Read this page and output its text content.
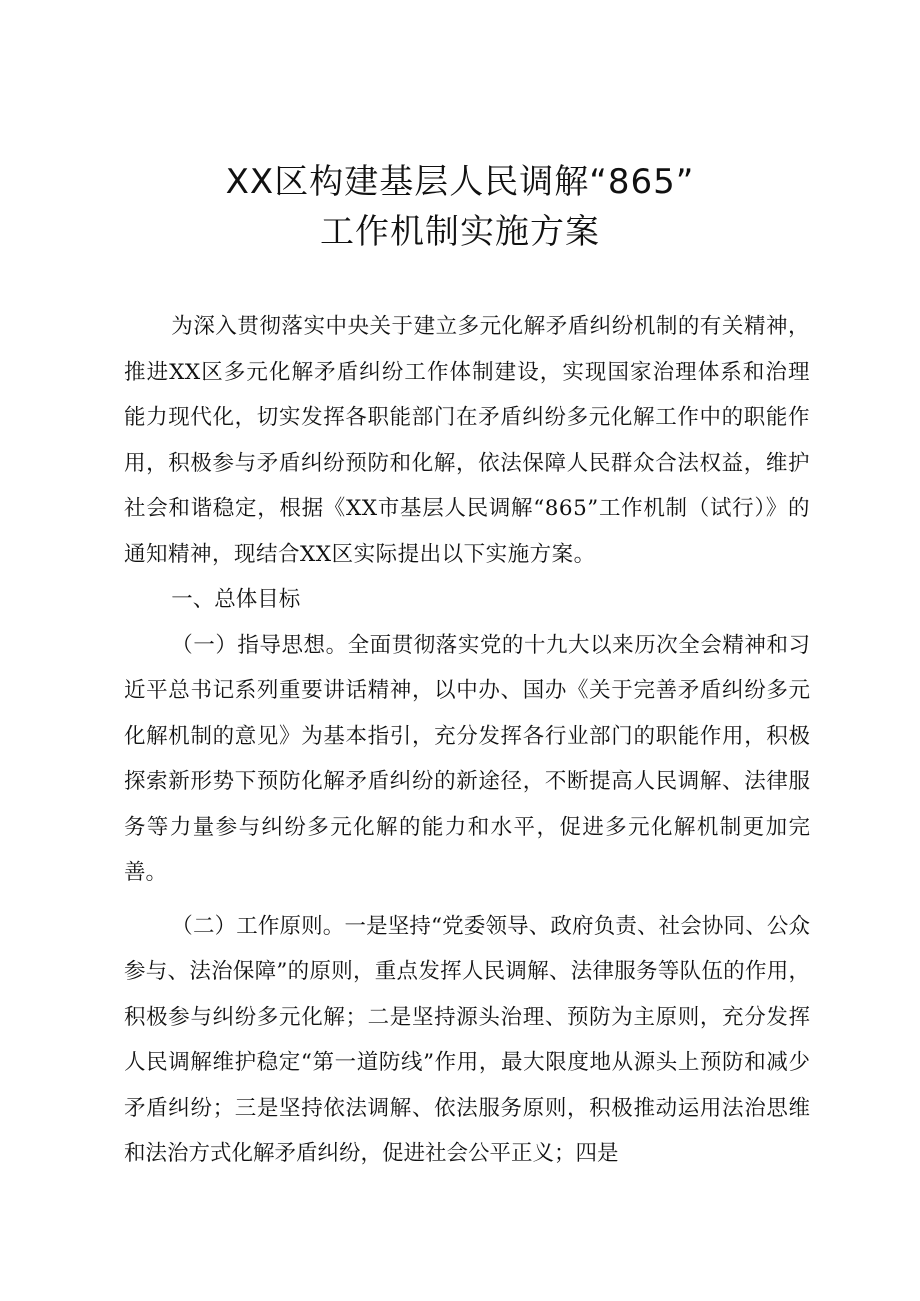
XX区构建基层人民调解“865”
工作机制实施方案

为深入贯彻落实中央关于建立多元化解矛盾纠纷机制的有关精神，推进XX区多元化解矛盾纠纷工作体制建设，实现国家治理体系和治理能力现代化，切实发挥各职能部门在矛盾纠纷多元化解工作中的职能作用，积极参与矛盾纠纷预防和化解，依法保障人民群众合法权益，维护社会和谐稳定，根据《XX市基层人民调解“865”工作机制（试行）》的通知精神，现结合XX区实际提出以下实施方案。

一、总体目标

（一）指导思想。全面贯彻落实党的十九大以来历次全会精神和习近平总书记系列重要讲话精神，以中办、国办《关于完善矛盾纠纷多元化解机制的意见》为基本指引，充分发挥各行业部门的职能作用，积极探索新形势下预防化解矛盾纠纷的新途径，不断提高人民调解、法律服务等力量参与纠纷多元化解的能力和水平，促进多元化解机制更加完善。

（二）工作原则。一是坚持“党委领导、政府负责、社会协同、公众参与、法治保障”的原则，重点发挥人民调解、法律服务等队伍的作用，积极参与纠纷多元化解；二是坚持源头治理、预防为主原则，充分发挥人民调解维护稳定“第一道防线”作用，最大限度地从源头上预防和减少矛盾纠纷；三是坚持依法调解、依法服务原则，积极推动运用法治思维和法治方式化解矛盾纠纷，促进社会公平正义；四是
